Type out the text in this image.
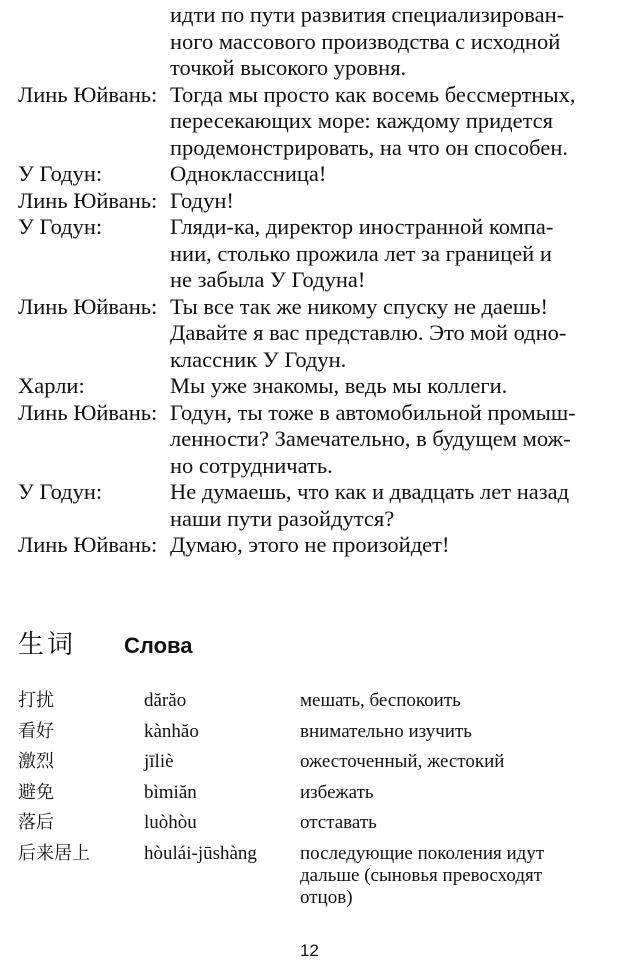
идти по пути развития специализирован-
ного массового производства с исходной
точкой высокого уровня.
Линь Юйвань: Тогда мы просто как восемь бессмертных,
пересекающих море: каждому придется
продемонстрировать, на что он способен.
У Годун:	Одноклассница!
Линь Юйвань: Годун!
У Годун:	Гляди-ка, директор иностранной компа-
нии, столько прожила лет за границей и
не забыла У Годуна!
Линь Юйвань: Ты все так же никому спуску не даешь!
Давайте я вас представлю. Это мой одно-
классник У Годун.
Харли:	Мы уже знакомы, ведь мы коллеги.
Линь Юйвань: Годун, ты тоже в автомобильной промыш-
ленности? Замечательно, в будущем мож-
но сотрудничать.
У Годун:	Не думаешь, что как и двадцать лет назад
наши пути разойдутся?
Линь Юйвань: Думаю, этого не произойдет!
生词 Слова
打扰	dărăo	мешать, беспокоить
看好	kànhăo	внимательно изучить
激烈	jīliè	ожесточенный, жестокий
避免	bìmiăn	избежать
落后	luòhòu	отставать
后来居上	hòulái-jūshàng	последующие поколения идут
дальше (сыновья превосходят
отцов)
12
